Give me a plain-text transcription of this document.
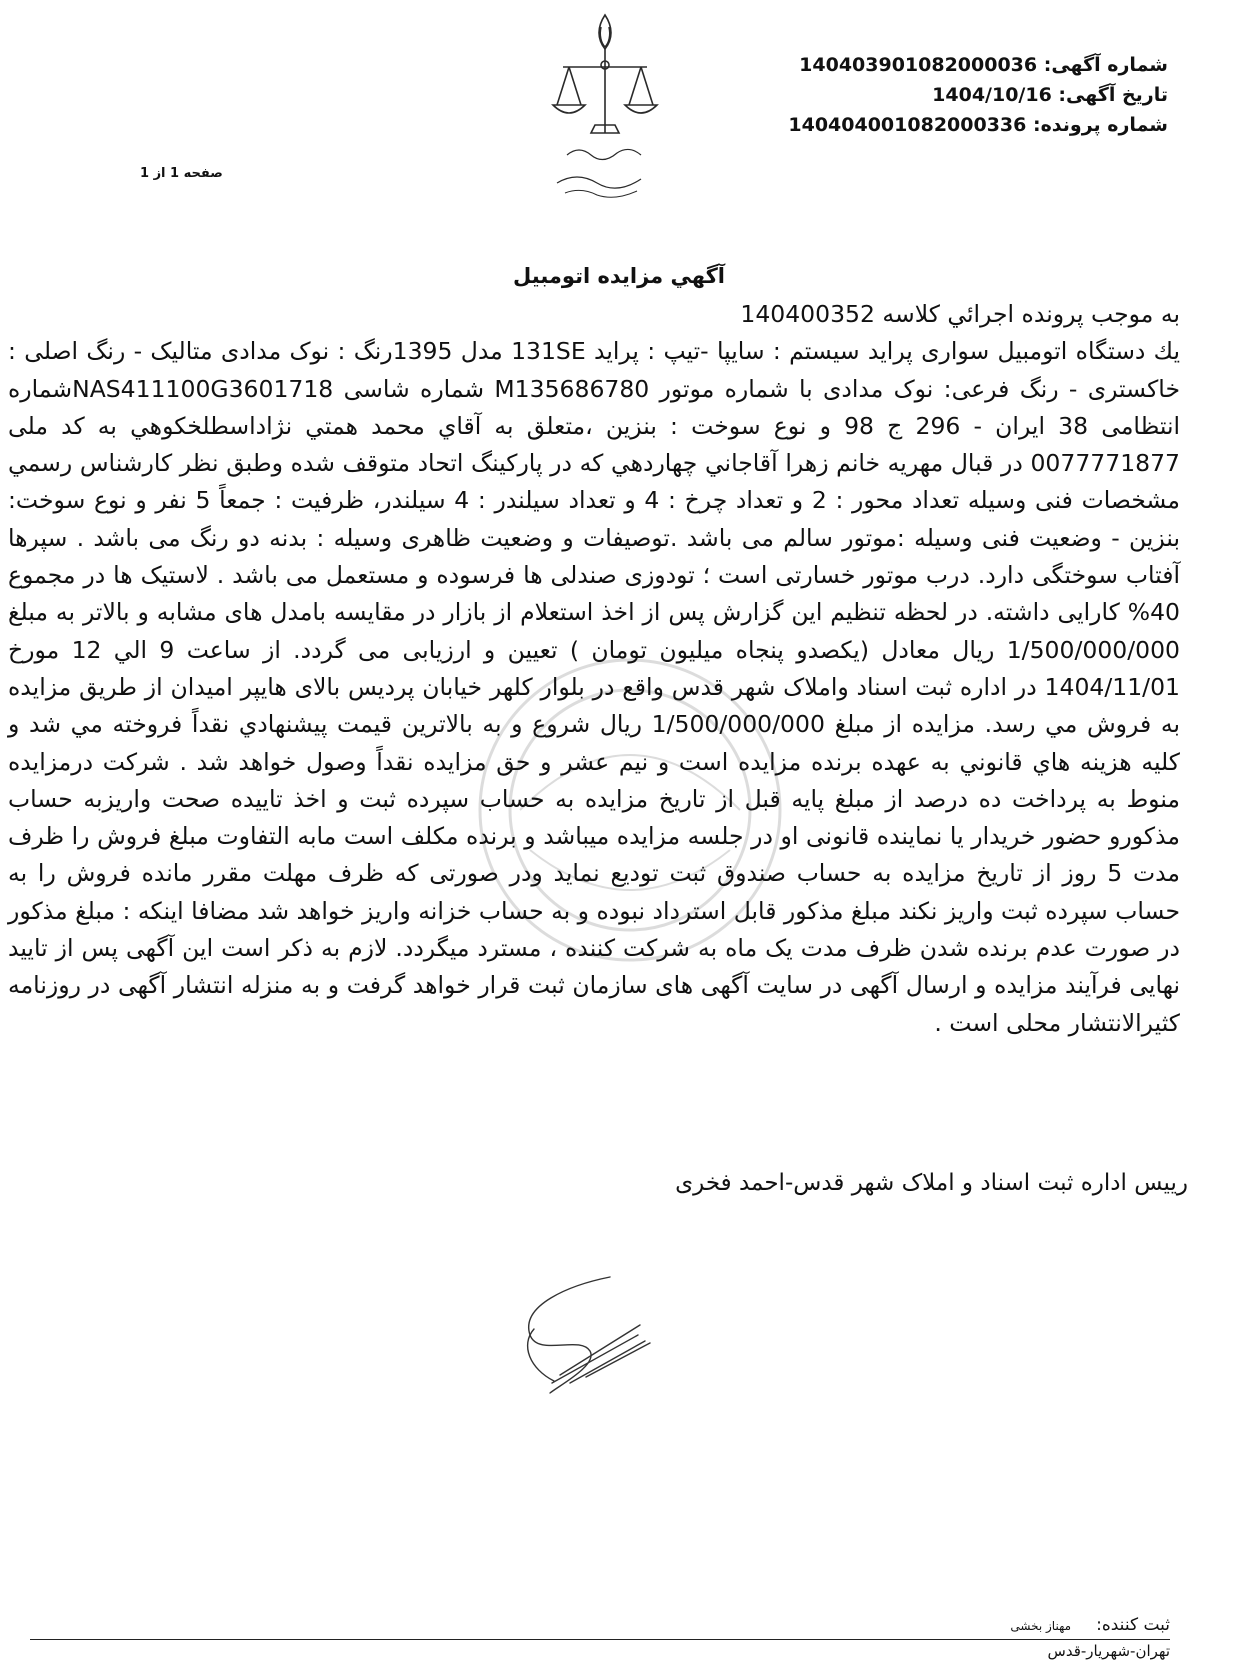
شماره آگهی: 140403901082000036
تاریخ آگهی: 1404/10/16
شماره پرونده: 140404001082000336
صفحه 1 از 1
آگهي مزايده اتومبيل

به موجب پرونده اجرائي كلاسه 140400352

يك دستگاه اتومبیل سواری پراید سیستم : سایپا -تیپ : پراید 131SE مدل 1395رنگ : نوک مدادی متالیک - رنگ اصلی : خاکستری - رنگ فرعی: نوک مدادی با شماره موتور M135686780 شماره شاسی NAS411100G3601718شماره انتظامی 38 ایران - 296 ج 98 و نوع سوخت : بنزین ،متعلق به آقاي محمد همتي نژاداسطلخكوهي به كد ملی 0077771877 در قبال مهريه خانم زهرا آقاجاني چهاردهي كه در پاركينگ اتحاد متوقف شده وطبق نظر کارشناس رسمي مشخصات فنی وسیله تعداد محور : 2 و تعداد چرخ : 4 و تعداد سیلندر : 4 سیلندر، ظرفیت : جمعاً 5 نفر و نوع سوخت: بنزین - وضعیت فنی وسیله :موتور سالم می باشد .توصیفات و وضعیت ظاهری وسیله : بدنه دو رنگ می باشد . سپرها آفتاب سوختگی دارد. درب موتور خسارتی است ؛ تودوزی صندلی ها فرسوده و مستعمل می باشد . لاستیک ها در مجموع 40% کارایی داشته. در لحظه تنظیم این گزارش پس از اخذ استعلام از بازار در مقایسه بامدل های مشابه و بالاتر به مبلغ 1/500/000/000 ریال معادل (یکصدو پنجاه میلیون تومان ) تعیین و ارزیابی می گردد. از ساعت 9 الي 12 مورخ 1404/11/01 در اداره ثبت اسناد واملاک شهر قدس واقع در بلوار کلهر خیابان پردیس بالای هایپر امیدان از طريق مزايده به فروش مي رسد. مزايده از مبلغ 1/500/000/000 ريال شروع و به بالاترين قيمت پيشنهادي نقداً فروخته مي شد و كليه هزينه هاي قانوني به عهده برنده مزايده است و نيم عشر و حق مزايده نقداً وصول خواهد شد . شركت درمزايده منوط به پرداخت ده درصد از مبلغ پايه قبل از تاريخ مزايده به حساب سپرده ثبت و اخذ تاییده صحت واريزبه حساب مذكورو حضور خريدار يا نماينده قانونی او در جلسه مزايده ميباشد و برنده مكلف است مابه التفاوت مبلغ فروش را ظرف مدت 5 روز از تاريخ مزايده به حساب صندوق ثبت توديع نمايد ودر صورتی كه ظرف مهلت مقرر مانده فروش را به حساب سپرده ثبت واريز نكند مبلغ مذكور قابل استرداد نبوده و به حساب خزانه واريز خواهد شد مضافا اينكه : مبلغ مذكور در صورت عدم برنده شدن ظرف مدت یک ماه به شرکت کننده ، مسترد میگردد. لازم به ذکر است این آگهی پس از تایید نهایی فرآیند مزایده و ارسال آگهی در سایت آگهی های سازمان ثبت قرار خواهد گرفت و به منزله انتشار آگهی در روزنامه کثیرالانتشار محلی است .

رییس اداره ثبت اسناد و املاک شهر قدس-احمد فخری
ثبت کننده: مهناز بخشی
تهران-شهریار-قدس
